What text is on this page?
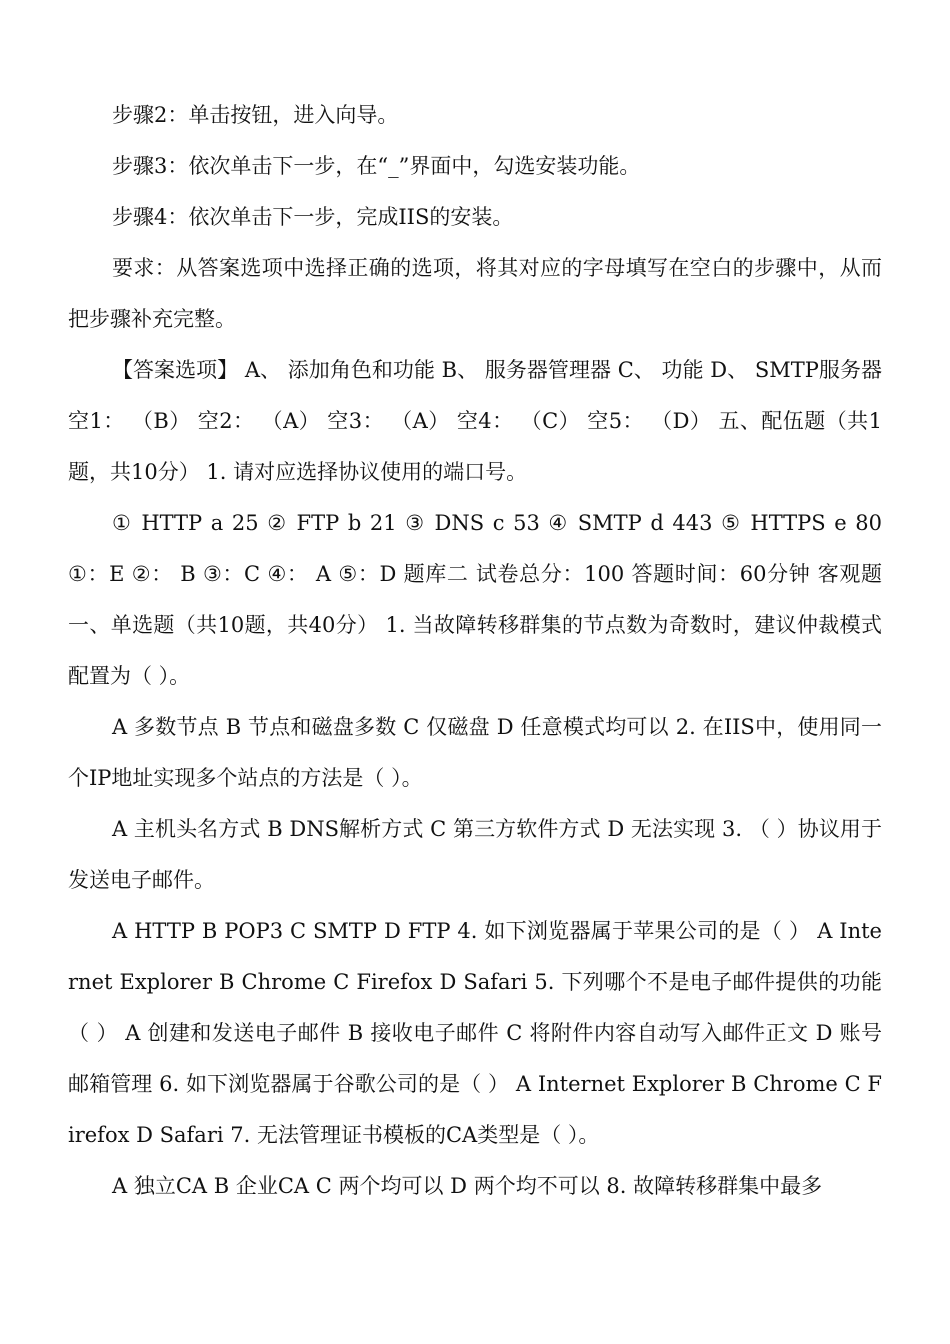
步骤2：单击按钮，进入向导。

步骤3：依次单击下一步，在“_”界面中，勾选安装功能。

步骤4：依次单击下一步，完成IIS的安装。

要求：从答案选项中选择正确的选项，将其对应的字母填写在空白的步骤中，从而把步骤补充完整。

【答案选项】 A、 添加角色和功能 B、 服务器管理器 C、 功能 D、 SMTP服务器 空1： （B） 空2： （A） 空3： （A） 空4： （C） 空5： （D） 五、配伍题（共1题，共10分） 1. 请对应选择协议使用的端口号。

① HTTP a 25 ② FTP b 21 ③ DNS c 53 ④ SMTP d 443 ⑤ HTTPS e 80 ①：E ②： B ③：C ④： A ⑤：D 题库二 试卷总分：100 答题时间：60分钟 客观题 一、单选题（共10题，共40分） 1. 当故障转移群集的节点数为奇数时，建议仲裁模式配置为（ ）。

A 多数节点 B 节点和磁盘多数 C 仅磁盘 D 任意模式均可以 2. 在IIS中，使用同一个IP地址实现多个站点的方法是（ ）。

A 主机头名方式 B DNS解析方式 C 第三方软件方式 D 无法实现 3. （ ）协议用于发送电子邮件。

A HTTP B POP3 C SMTP D FTP 4. 如下浏览器属于苹果公司的是（ ） A Internet Explorer B Chrome C Firefox D Safari 5. 下列哪个不是电子邮件提供的功能（ ） A 创建和发送电子邮件 B 接收电子邮件 C 将附件内容自动写入邮件正文 D 账号邮箱管理 6. 如下浏览器属于谷歌公司的是（ ） A Internet Explorer B Chrome C Firefox D Safari 7. 无法管理证书模板的CA类型是（ ）。

A 独立CA B 企业CA C 两个均可以 D 两个均不可以 8. 故障转移群集中最多
